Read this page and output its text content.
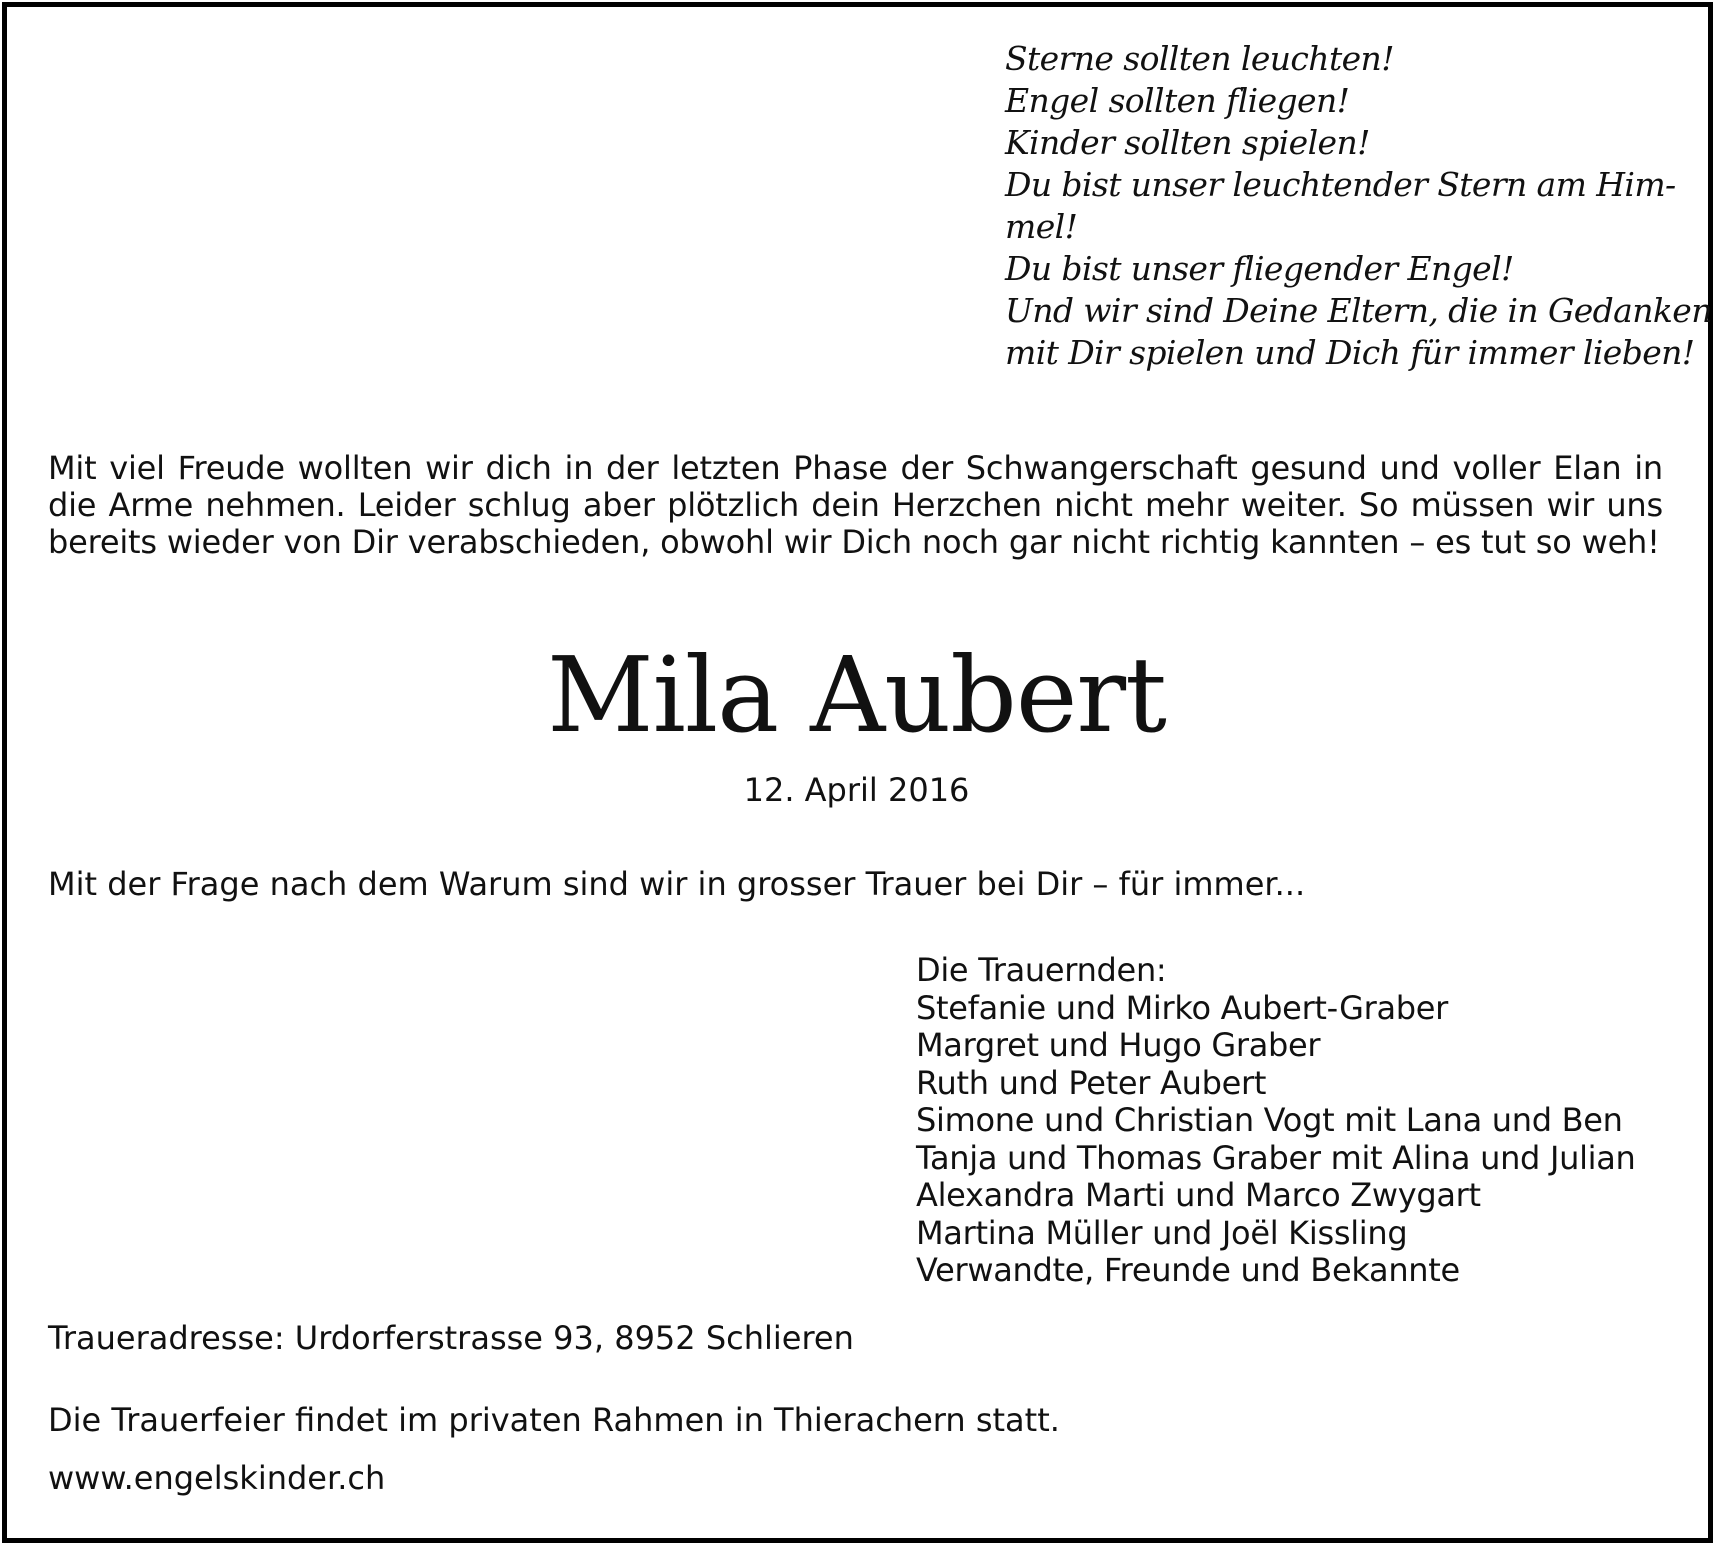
Sterne sollten leuchten!
Engel sollten fliegen!
Kinder sollten spielen!
Du bist unser leuchtender Stern am Him-
mel!
Du bist unser fliegender Engel!
Und wir sind Deine Eltern, die in Gedanken
mit Dir spielen und Dich für immer lieben!
Mit viel Freude wollten wir dich in der letzten Phase der Schwangerschaft gesund und voller Elan in die Arme nehmen. Leider schlug aber plötzlich dein Herzchen nicht mehr weiter. So müssen wir uns bereits wieder von Dir verabschieden, obwohl wir Dich noch gar nicht richtig kannten – es tut so weh!
Mila Aubert
12. April 2016
Mit der Frage nach dem Warum sind wir in grosser Trauer bei Dir – für immer...
Die Trauernden:
Stefanie und Mirko Aubert-Graber
Margret und Hugo Graber
Ruth und Peter Aubert
Simone und Christian Vogt mit Lana und Ben
Tanja und Thomas Graber mit Alina und Julian
Alexandra Marti und Marco Zwygart
Martina Müller und Joël Kissling
Verwandte, Freunde und Bekannte
Traueradresse: Urdorferstrasse 93, 8952 Schlieren
Die Trauerfeier findet im privaten Rahmen in Thierachern statt.
www.engelskinder.ch
